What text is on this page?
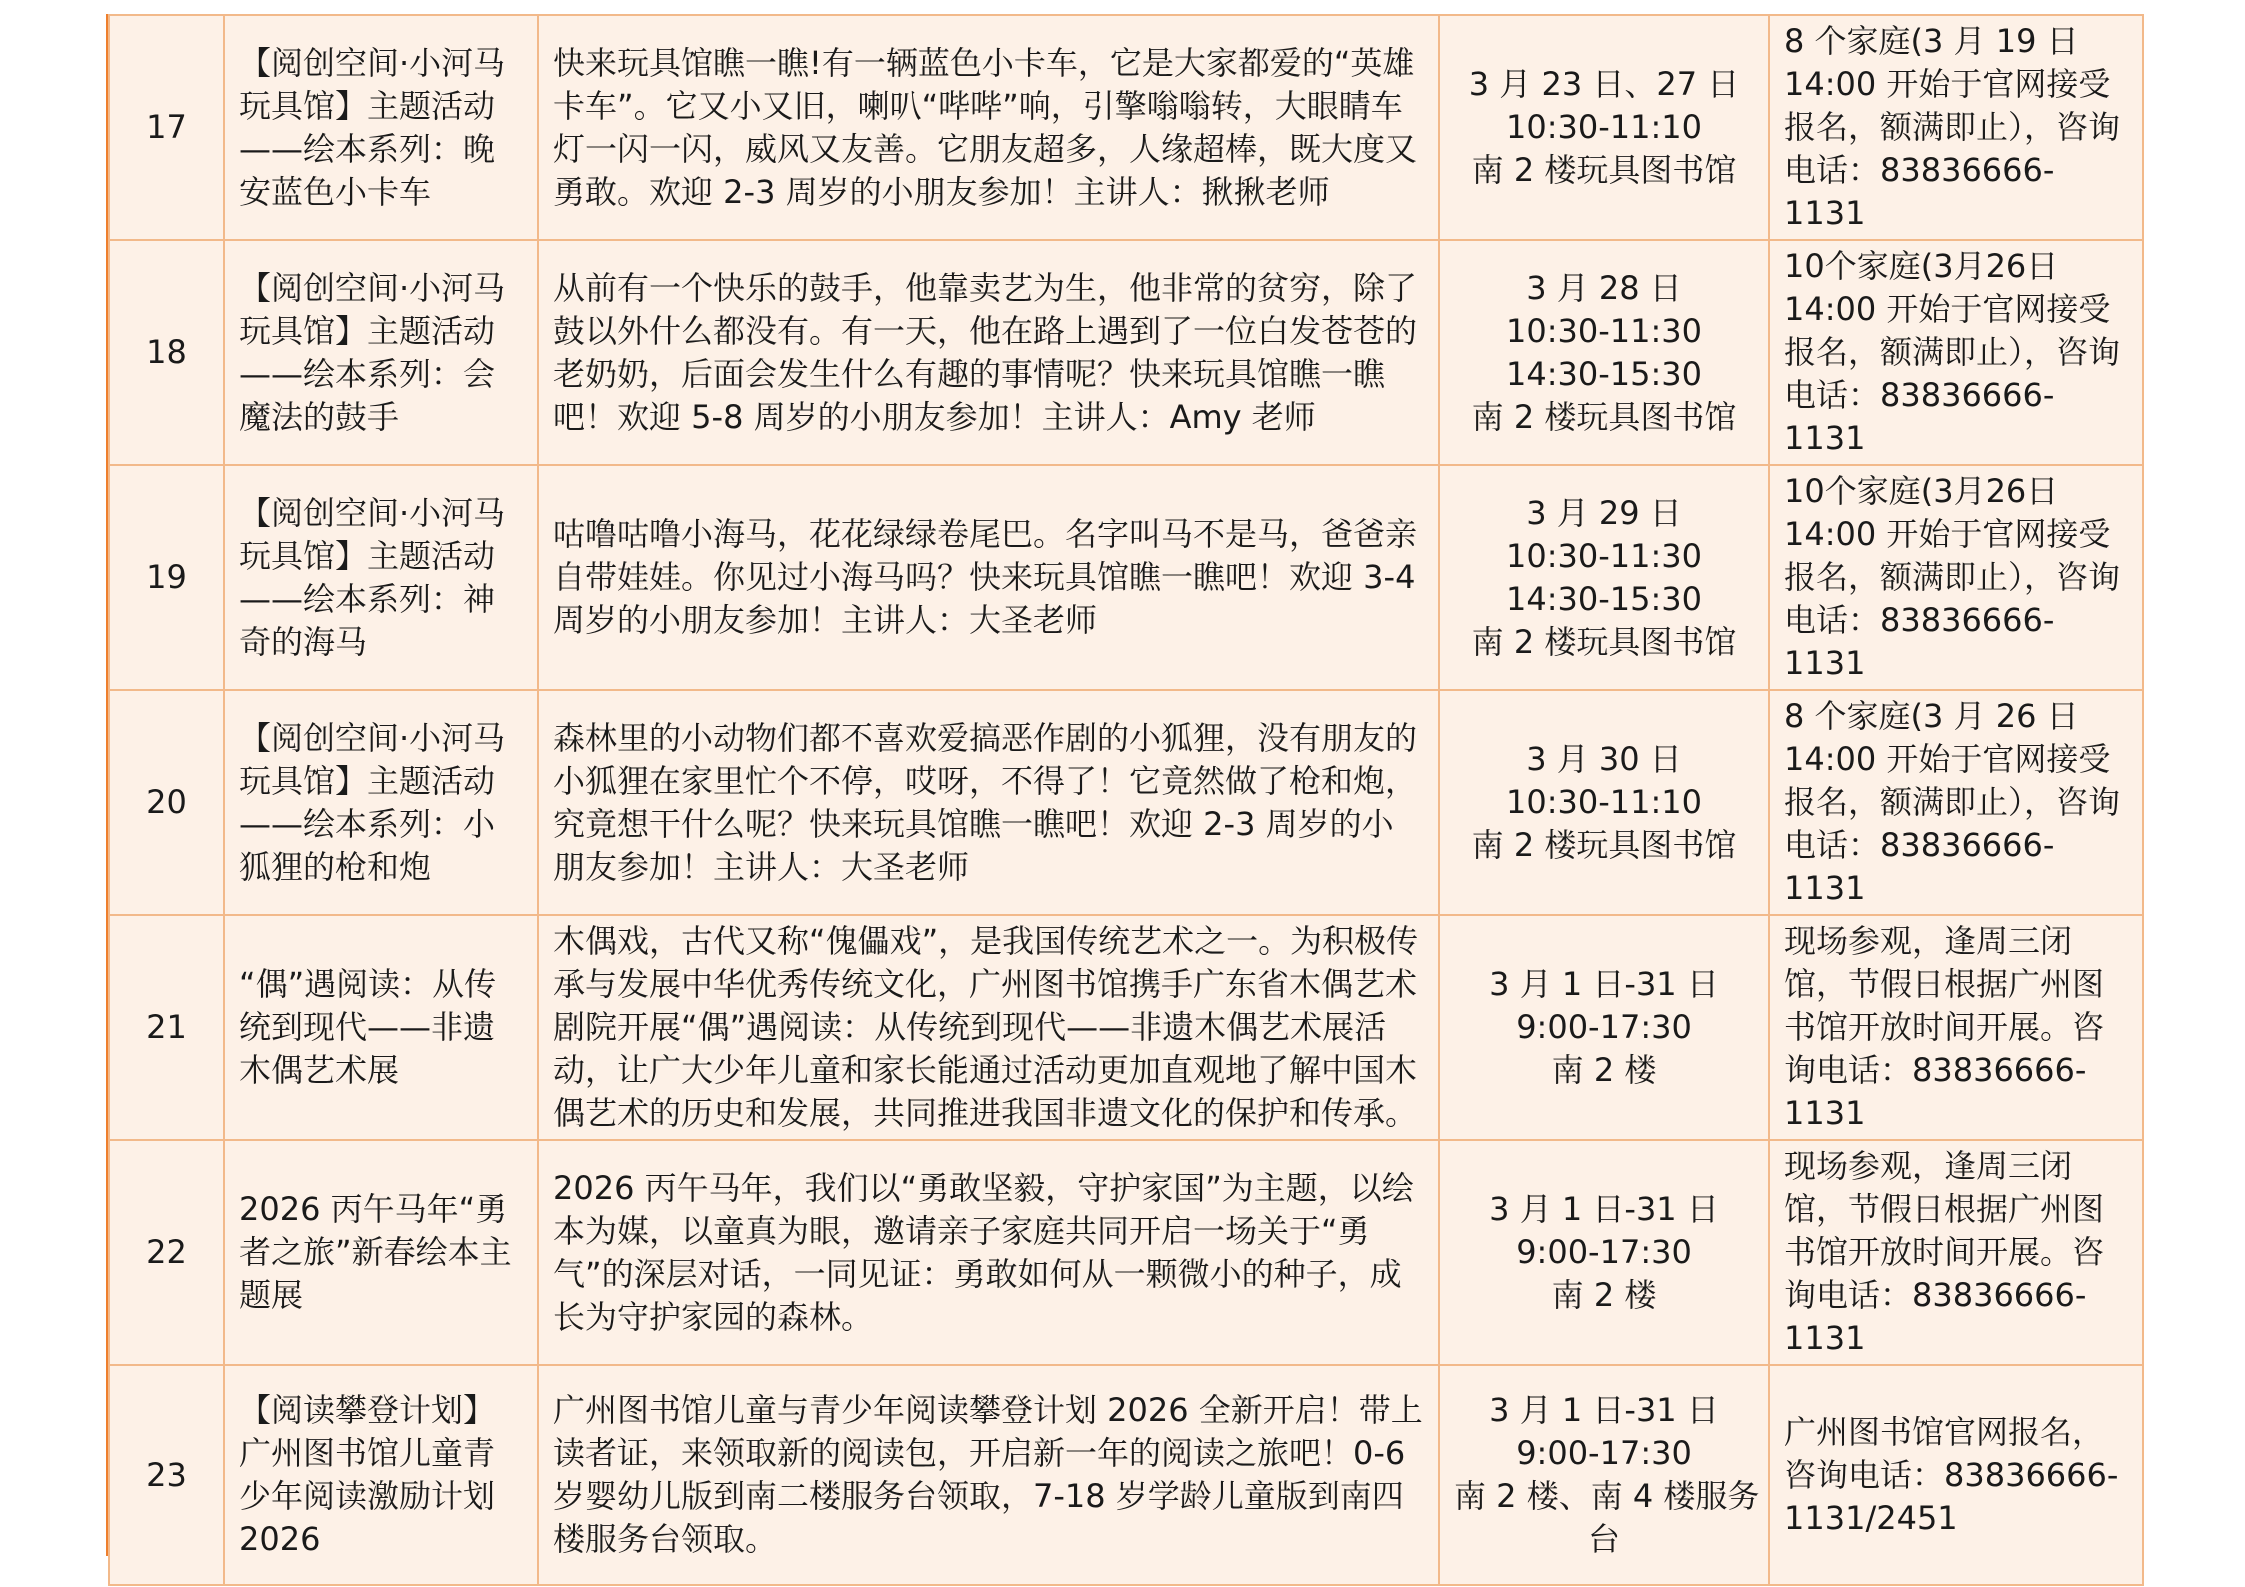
17	【阅创空间·小河马玩具馆】主题活动——绘本系列：晚安蓝色小卡车	快来玩具馆瞧一瞧!有一辆蓝色小卡车，它是大家都爱的“英雄卡车”。它又小又旧，喇叭“哔哔”响，引擎嗡嗡转，大眼睛车灯一闪一闪，威风又友善。它朋友超多，人缘超棒，既大度又勇敢。欢迎 2-3 周岁的小朋友参加！主讲人：揪揪老师	3 月 23 日、27 日
10:30-11:10
南 2 楼玩具图书馆	8 个家庭(3 月 19 日 14:00 开始于官网接受报名，额满即止），咨询电话：83836666-1131
18	【阅创空间·小河马玩具馆】主题活动——绘本系列：会魔法的鼓手	从前有一个快乐的鼓手，他靠卖艺为生，他非常的贫穷，除了鼓以外什么都没有。有一天，他在路上遇到了一位白发苍苍的老奶奶，后面会发生什么有趣的事情呢？快来玩具馆瞧一瞧吧！欢迎 5-8 周岁的小朋友参加！主讲人：Amy 老师	3 月 28 日
10:30-11:30
14:30-15:30
南 2 楼玩具图书馆	10个家庭(3月26日14:00 开始于官网接受报名，额满即止），咨询电话：83836666-1131
19	【阅创空间·小河马玩具馆】主题活动——绘本系列：神奇的海马	咕噜咕噜小海马，花花绿绿卷尾巴。名字叫马不是马，爸爸亲自带娃娃。你见过小海马吗？快来玩具馆瞧一瞧吧！欢迎 3-4 周岁的小朋友参加！主讲人：大圣老师	3 月 29 日
10:30-11:30
14:30-15:30
南 2 楼玩具图书馆	10个家庭(3月26日14:00 开始于官网接受报名，额满即止），咨询电话：83836666-1131
20	【阅创空间·小河马玩具馆】主题活动——绘本系列：小狐狸的枪和炮	森林里的小动物们都不喜欢爱搞恶作剧的小狐狸，没有朋友的小狐狸在家里忙个不停，哎呀，不得了！它竟然做了枪和炮，究竟想干什么呢？快来玩具馆瞧一瞧吧！欢迎 2-3 周岁的小朋友参加！主讲人：大圣老师	3 月 30 日
10:30-11:10
南 2 楼玩具图书馆	8 个家庭(3 月 26 日 14:00 开始于官网接受报名，额满即止），咨询电话：83836666-1131
21	“偶”遇阅读：从传统到现代——非遗木偶艺术展	木偶戏，古代又称“傀儡戏”，是我国传统艺术之一。为积极传承与发展中华优秀传统文化，广州图书馆携手广东省木偶艺术剧院开展“偶”遇阅读：从传统到现代——非遗木偶艺术展活动，让广大少年儿童和家长能通过活动更加直观地了解中国木偶艺术的历史和发展，共同推进我国非遗文化的保护和传承。	3 月 1 日-31 日
9:00-17:30
南 2 楼	现场参观，逢周三闭馆，节假日根据广州图书馆开放时间开展。咨询电话：83836666-1131
22	2026 丙午马年“勇者之旅”新春绘本主题展	2026 丙午马年，我们以“勇敢坚毅，守护家国”为主题，以绘本为媒，以童真为眼，邀请亲子家庭共同开启一场关于“勇气”的深层对话，一同见证：勇敢如何从一颗微小的种子，成长为守护家园的森林。	3 月 1 日-31 日
9:00-17:30
南 2 楼	现场参观，逢周三闭馆，节假日根据广州图书馆开放时间开展。咨询电话：83836666-1131
23	【阅读攀登计划】广州图书馆儿童青少年阅读激励计划 2026	广州图书馆儿童与青少年阅读攀登计划 2026 全新开启！带上读者证，来领取新的阅读包，开启新一年的阅读之旅吧！0-6 岁婴幼儿版到南二楼服务台领取，7-18 岁学龄儿童版到南四楼服务台领取。	3 月 1 日-31 日
9:00-17:30
南 2 楼、南 4 楼服务
台	广州图书馆官网报名，咨询电话：83836666-1131/2451
